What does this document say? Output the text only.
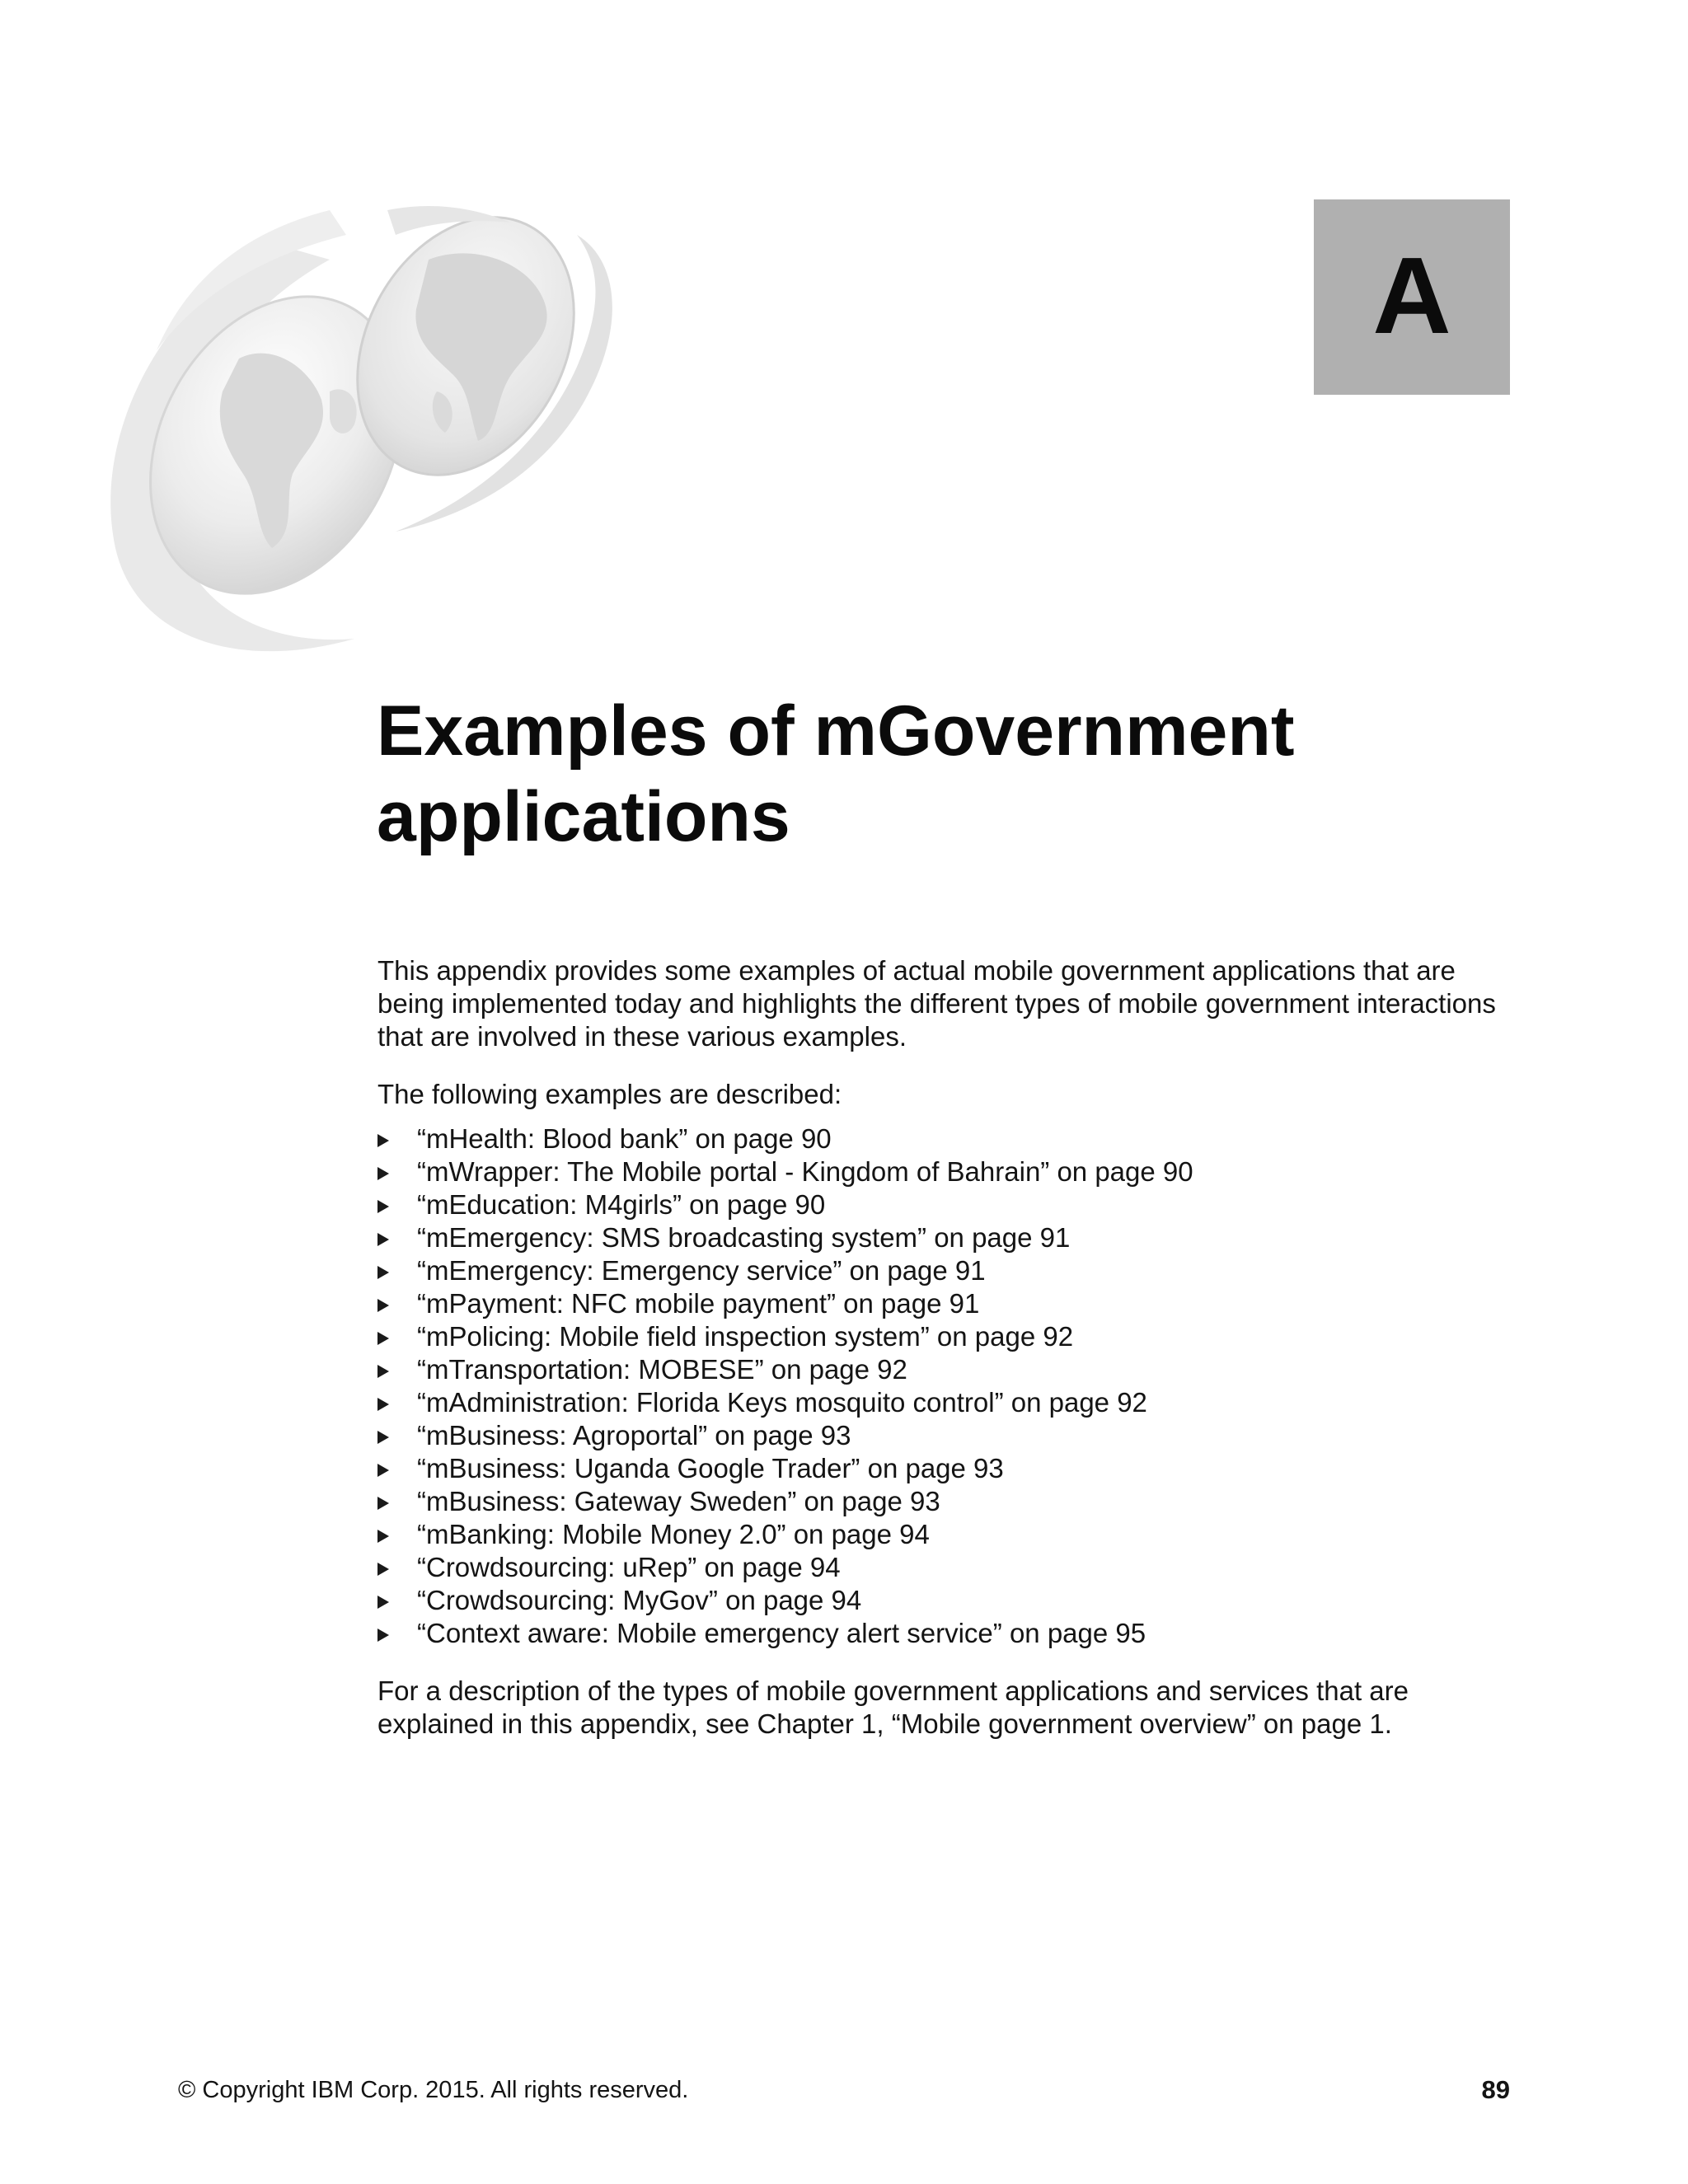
A
Examples of mGovernment
applications

This appendix provides some examples of actual mobile government applications that are
being implemented today and highlights the different types of mobile government interactions
that are involved in these various examples.

The following examples are described:

“mHealth: Blood bank” on page 90
“mWrapper: The Mobile portal - Kingdom of Bahrain” on page 90
“mEducation: M4girls” on page 90
“mEmergency: SMS broadcasting system” on page 91
“mEmergency: Emergency service” on page 91
“mPayment: NFC mobile payment” on page 91
“mPolicing: Mobile field inspection system” on page 92
“mTransportation: MOBESE” on page 92
“mAdministration: Florida Keys mosquito control” on page 92
“mBusiness: Agroportal” on page 93
“mBusiness: Uganda Google Trader” on page 93
“mBusiness: Gateway Sweden” on page 93
“mBanking: Mobile Money 2.0” on page 94
“Crowdsourcing: uRep” on page 94
“Crowdsourcing: MyGov” on page 94
“Context aware: Mobile emergency alert service” on page 95

For a description of the types of mobile government applications and services that are
explained in this appendix, see Chapter 1, “Mobile government overview” on page 1.

© Copyright IBM Corp. 2015. All rights reserved.	89
